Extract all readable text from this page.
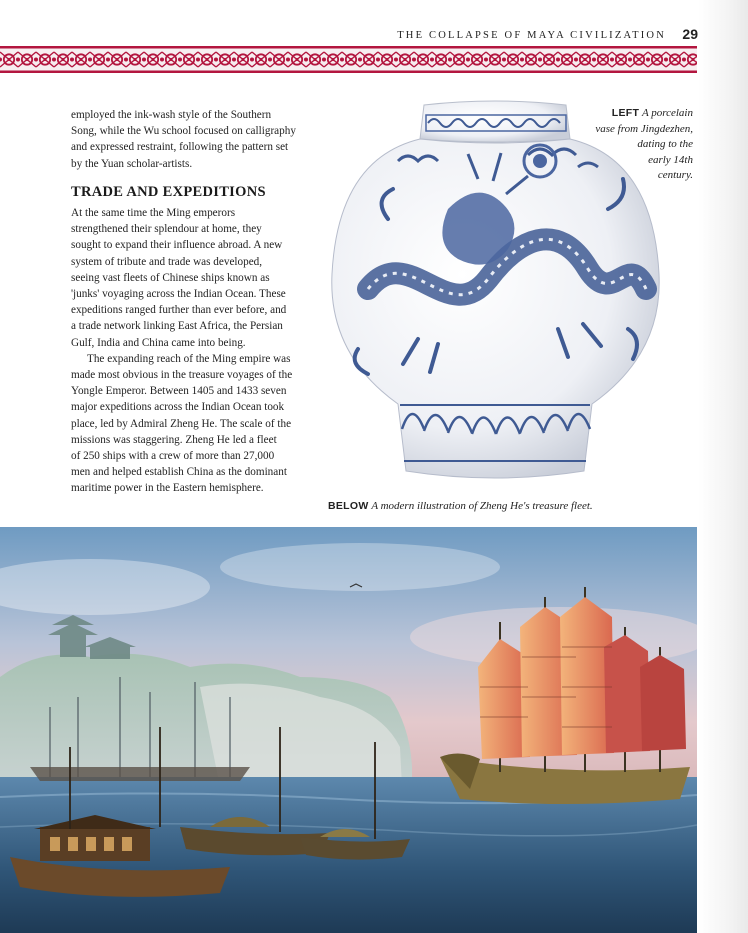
THE COLLAPSE OF MAYA CIVILIZATION 29

employed the ink-wash style of the Southern
Song, while the Wu school focused on calligraphy
and expressed restraint, following the pattern set
by the Yuan scholar-artists.

TRADE AND EXPEDITIONS

At the same time the Ming emperors
strengthened their splendour at home, they
sought to expand their influence abroad. A new
system of tribute and trade was developed,
seeing vast fleets of Chinese ships known as
'junks' voyaging across the Indian Ocean. These
expeditions ranged further than ever before, and
a trade network linking East Africa, the Persian
Gulf, India and China came into being.

The expanding reach of the Ming empire was
made most obvious in the treasure voyages of the
Yongle Emperor. Between 1405 and 1433 seven
major expeditions across the Indian Ocean took
place, led by Admiral Zheng He. The scale of the
missions was staggering. Zheng He led a fleet
of 250 ships with a crew of more than 27,000
men and helped establish China as the dominant
maritime power in the Eastern hemisphere.

LEFT A porcelain
vase from Jingdezhen,
dating to the
early 14th
century.
BELOW A modern illustration of Zheng He's treasure fleet.
